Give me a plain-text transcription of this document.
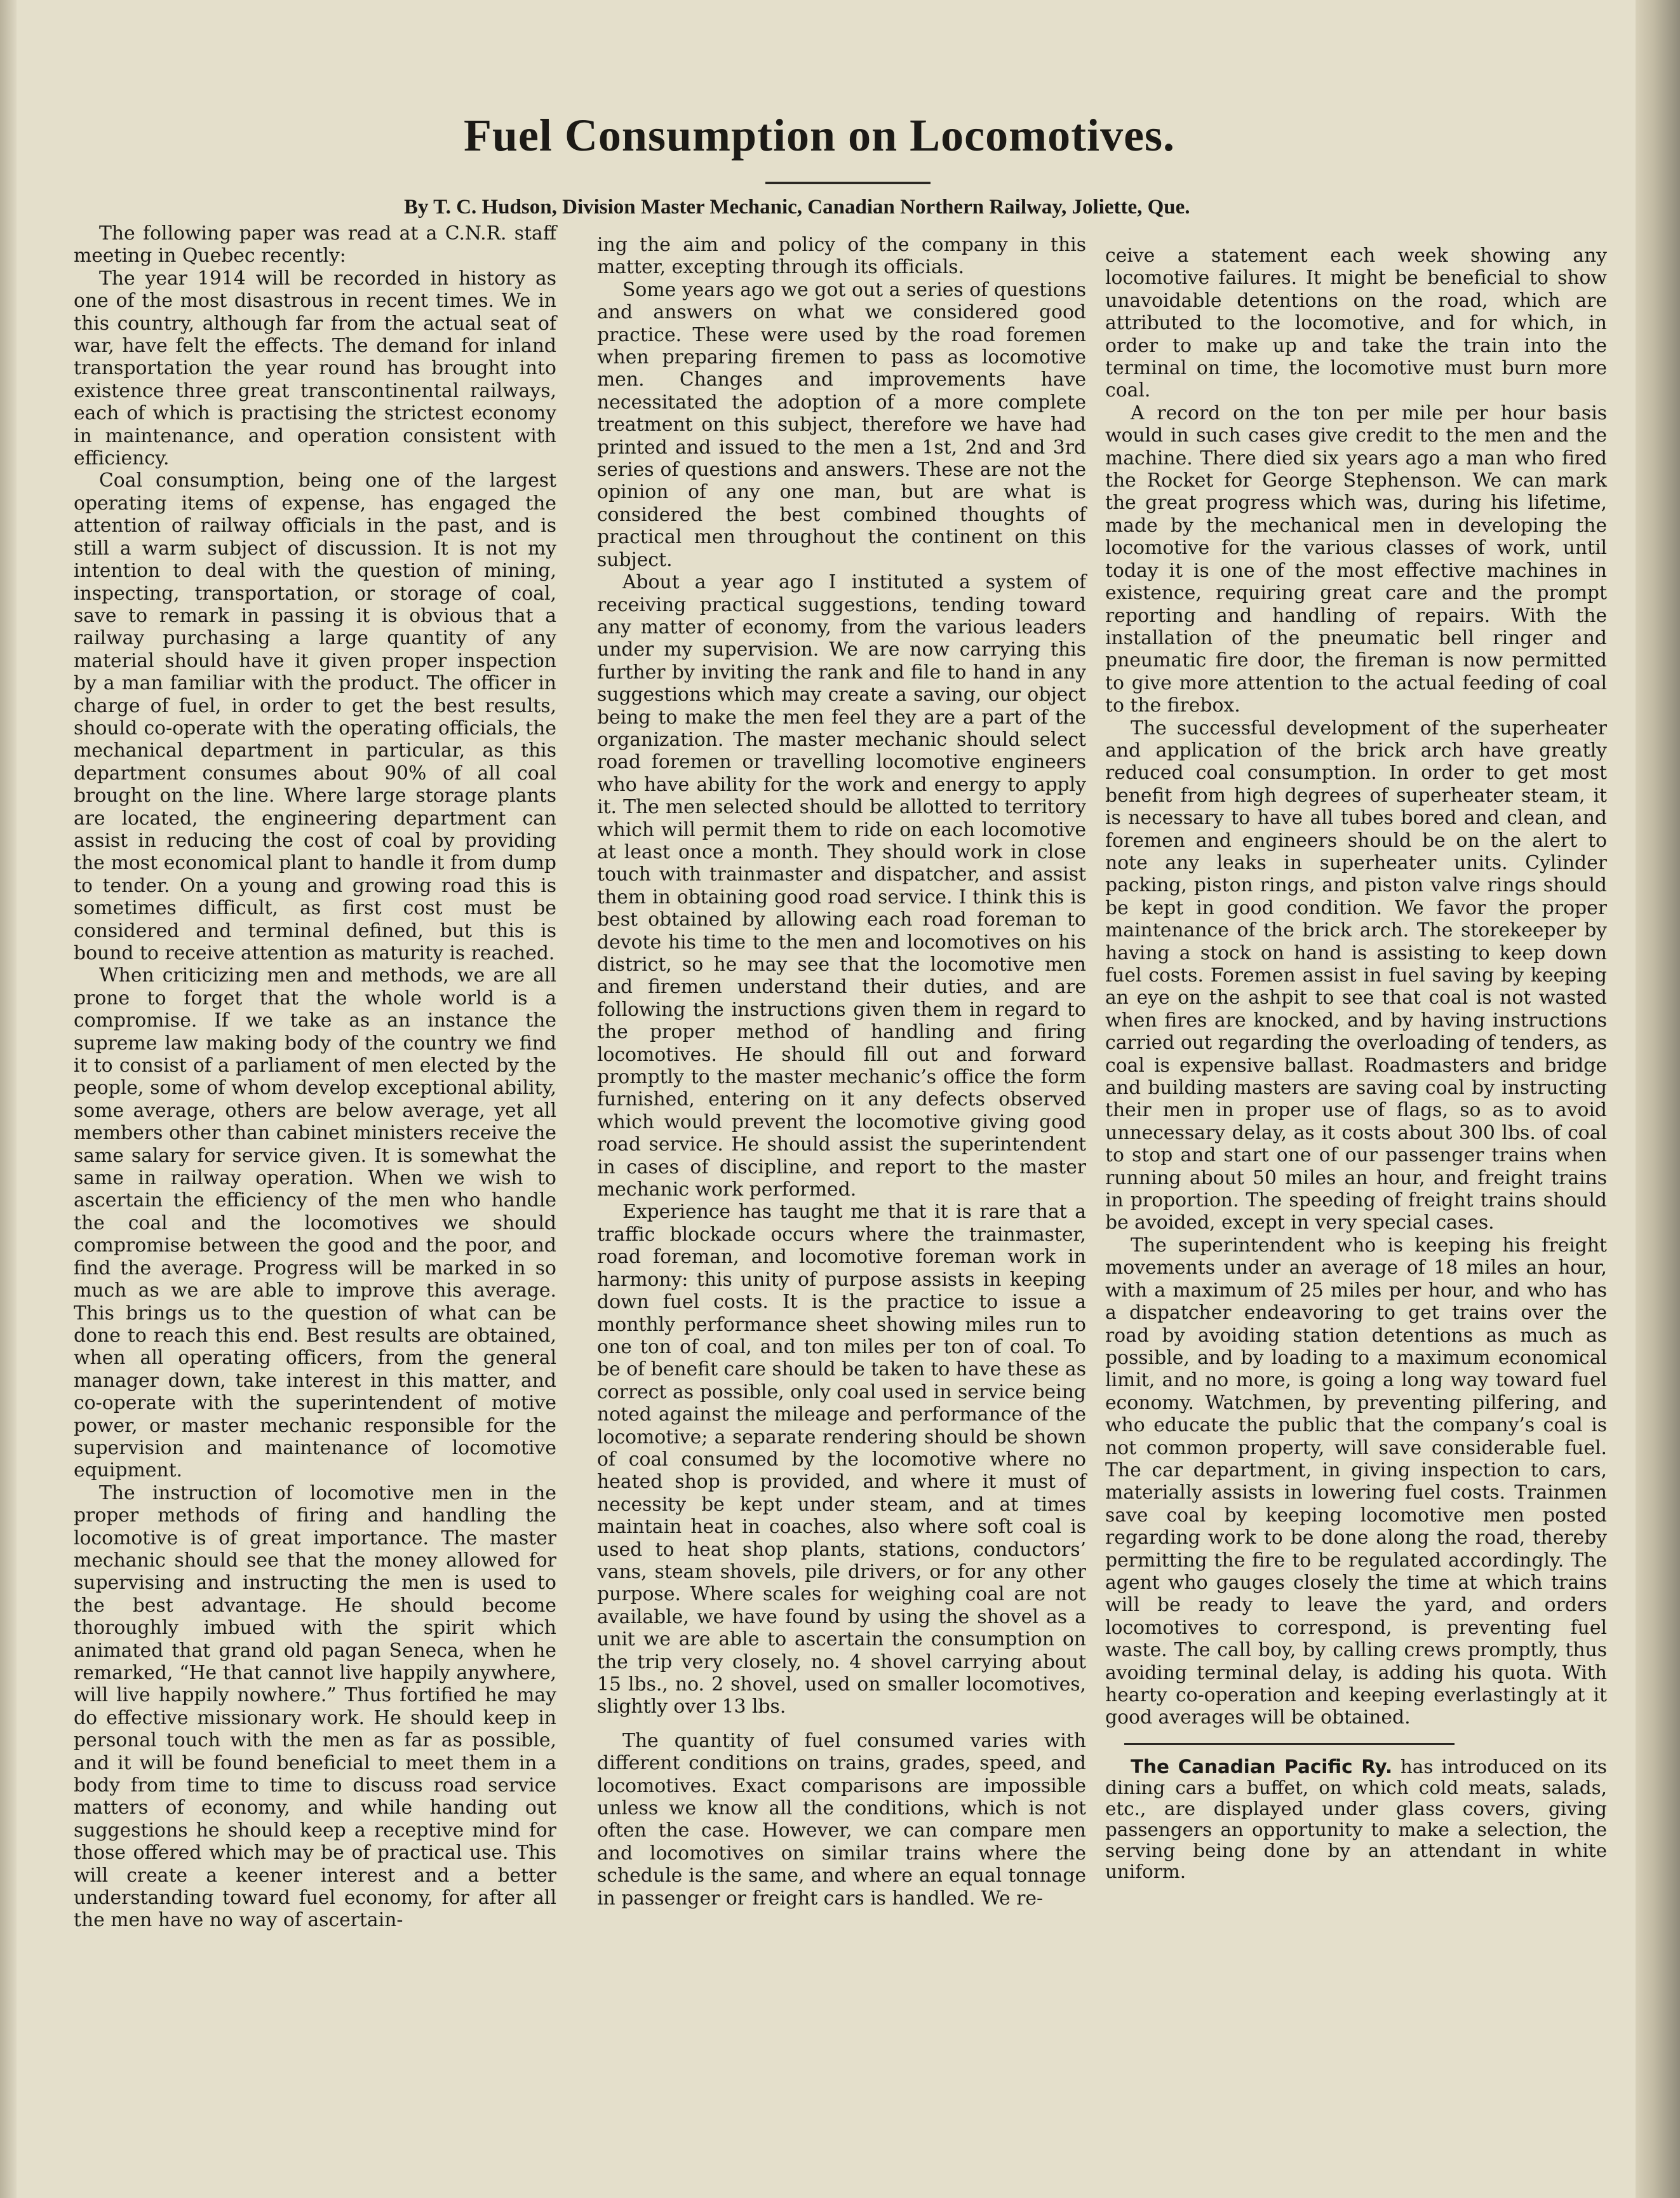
Fuel Consumption on Locomotives.
By T. C. Hudson, Division Master Mechanic, Canadian Northern Railway, Joliette, Que.

The following paper was read at a C.N.R. staff meeting in Quebec recently:

The year 1914 will be recorded in history as one of the most disastrous in recent times. We in this country, although far from the actual seat of war, have felt the effects. The demand for inland transportation the year round has brought into existence three great transcontinental railways, each of which is practising the strictest economy in maintenance, and operation consistent with efficiency.

Coal consumption, being one of the largest operating items of expense, has engaged the attention of railway officials in the past, and is still a warm subject of discussion. It is not my intention to deal with the question of mining, inspecting, transportation, or storage of coal, save to remark in passing it is obvious that a railway purchasing a large quantity of any material should have it given proper inspection by a man familiar with the product. The officer in charge of fuel, in order to get the best results, should co-operate with the operating officials, the mechanical department in particular, as this department consumes about 90% of all coal brought on the line. Where large storage plants are located, the engineering department can assist in reducing the cost of coal by providing the most economical plant to handle it from dump to tender. On a young and growing road this is sometimes difficult, as first cost must be considered and terminal defined, but this is bound to receive attention as maturity is reached.

When criticizing men and methods, we are all prone to forget that the whole world is a compromise. If we take as an instance the supreme law making body of the country we find it to consist of a parliament of men elected by the people, some of whom develop exceptional ability, some average, others are below average, yet all members other than cabinet ministers receive the same salary for service given. It is somewhat the same in railway operation. When we wish to ascertain the efficiency of the men who handle the coal and the locomotives we should compromise between the good and the poor, and find the average. Progress will be marked in so much as we are able to improve this average. This brings us to the question of what can be done to reach this end. Best results are obtained, when all operating officers, from the general manager down, take interest in this matter, and co-operate with the superintendent of motive power, or master mechanic responsible for the supervision and maintenance of locomotive equipment.

The instruction of locomotive men in the proper methods of firing and handling the locomotive is of great importance. The master mechanic should see that the money allowed for supervising and instructing the men is used to the best advantage. He should become thoroughly imbued with the spirit which animated that grand old pagan Seneca, when he remarked, “He that cannot live happily anywhere, will live happily nowhere.” Thus fortified he may do effective missionary work. He should keep in personal touch with the men as far as possible, and it will be found beneficial to meet them in a body from time to time to discuss road service matters of economy, and while handing out suggestions he should keep a receptive mind for those offered which may be of practical use. This will create a keener interest and a better understanding toward fuel economy, for after all the men have no way of ascertain-

ing the aim and policy of the company in this matter, excepting through its officials.

Some years ago we got out a series of questions and answers on what we considered good practice. These were used by the road foremen when preparing firemen to pass as locomotive men. Changes and improvements have necessitated the adoption of a more complete treatment on this subject, therefore we have had printed and issued to the men a 1st, 2nd and 3rd series of questions and answers. These are not the opinion of any one man, but are what is considered the best combined thoughts of practical men throughout the continent on this subject.

About a year ago I instituted a system of receiving practical suggestions, tending toward any matter of economy, from the various leaders under my supervision. We are now carrying this further by inviting the rank and file to hand in any suggestions which may create a saving, our object being to make the men feel they are a part of the organization. The master mechanic should select road foremen or travelling locomotive engineers who have ability for the work and energy to apply it. The men selected should be allotted to territory which will permit them to ride on each locomotive at least once a month. They should work in close touch with trainmaster and dispatcher, and assist them in obtaining good road service. I think this is best obtained by allowing each road foreman to devote his time to the men and locomotives on his district, so he may see that the locomotive men and firemen understand their duties, and are following the instructions given them in regard to the proper method of handling and firing locomotives. He should fill out and forward promptly to the master mechanic’s office the form furnished, entering on it any defects observed which would prevent the locomotive giving good road service. He should assist the superintendent in cases of discipline, and report to the master mechanic work performed.

Experience has taught me that it is rare that a traffic blockade occurs where the trainmaster, road foreman, and locomotive foreman work in harmony: this unity of purpose assists in keeping down fuel costs. It is the practice to issue a monthly performance sheet showing miles run to one ton of coal, and ton miles per ton of coal. To be of benefit care should be taken to have these as correct as possible, only coal used in service being noted against the mileage and performance of the locomotive; a separate rendering should be shown of coal consumed by the locomotive where no heated shop is provided, and where it must of necessity be kept under steam, and at times maintain heat in coaches, also where soft coal is used to heat shop plants, stations, conductors’ vans, steam shovels, pile drivers, or for any other purpose. Where scales for weighing coal are not available, we have found by using the shovel as a unit we are able to ascertain the consumption on the trip very closely, no. 4 shovel carrying about 15 lbs., no. 2 shovel, used on smaller locomotives, slightly over 13 lbs.

The quantity of fuel consumed varies with different conditions on trains, grades, speed, and locomotives. Exact comparisons are impossible unless we know all the conditions, which is not often the case. However, we can compare men and locomotives on similar trains where the schedule is the same, and where an equal tonnage in passenger or freight cars is handled. We re-

ceive a statement each week showing any locomotive failures. It might be beneficial to show unavoidable detentions on the road, which are attributed to the locomotive, and for which, in order to make up and take the train into the terminal on time, the locomotive must burn more coal.

A record on the ton per mile per hour basis would in such cases give credit to the men and the machine. There died six years ago a man who fired the Rocket for George Stephenson. We can mark the great progress which was, during his lifetime, made by the mechanical men in developing the locomotive for the various classes of work, until today it is one of the most effective machines in existence, requiring great care and the prompt reporting and handling of repairs. With the installation of the pneumatic bell ringer and pneumatic fire door, the fireman is now permitted to give more attention to the actual feeding of coal to the firebox.

The successful development of the superheater and application of the brick arch have greatly reduced coal consumption. In order to get most benefit from high degrees of superheater steam, it is necessary to have all tubes bored and clean, and foremen and engineers should be on the alert to note any leaks in superheater units. Cylinder packing, piston rings, and piston valve rings should be kept in good condition. We favor the proper maintenance of the brick arch. The storekeeper by having a stock on hand is assisting to keep down fuel costs. Foremen assist in fuel saving by keeping an eye on the ashpit to see that coal is not wasted when fires are knocked, and by having instructions carried out regarding the overloading of tenders, as coal is expensive ballast. Roadmasters and bridge and building masters are saving coal by instructing their men in proper use of flags, so as to avoid unnecessary delay, as it costs about 300 lbs. of coal to stop and start one of our passenger trains when running about 50 miles an hour, and freight trains in proportion. The speeding of freight trains should be avoided, except in very special cases.

The superintendent who is keeping his freight movements under an average of 18 miles an hour, with a maximum of 25 miles per hour, and who has a dispatcher endeavoring to get trains over the road by avoiding station detentions as much as possible, and by loading to a maximum economical limit, and no more, is going a long way toward fuel economy. Watchmen, by preventing pilfering, and who educate the public that the company’s coal is not common property, will save considerable fuel. The car department, in giving inspection to cars, materially assists in lowering fuel costs. Trainmen save coal by keeping locomotive men posted regarding work to be done along the road, thereby permitting the fire to be regulated accordingly. The agent who gauges closely the time at which trains will be ready to leave the yard, and orders locomotives to correspond, is preventing fuel waste. The call boy, by calling crews promptly, thus avoiding terminal delay, is adding his quota. With hearty co-operation and keeping everlastingly at it good averages will be obtained.

The Canadian Pacific Ry. has introduced on its dining cars a buffet, on which cold meats, salads, etc., are displayed under glass covers, giving passengers an opportunity to make a selection, the serving being done by an attendant in white uniform.
